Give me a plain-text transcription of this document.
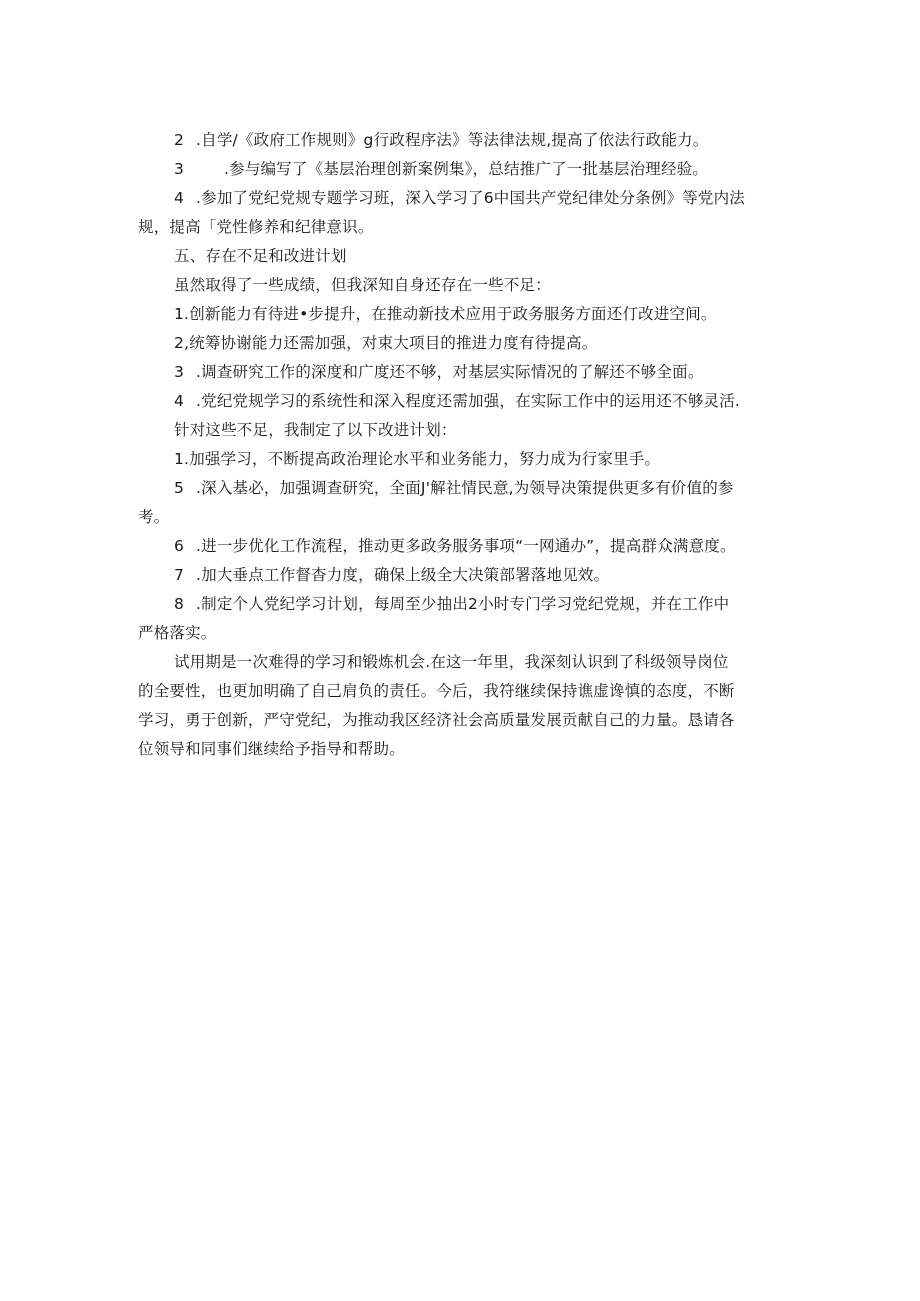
2 .自学/《政府工作规则》g行政程序法》等法律法规,提高了依法行政能力。
3	.参与编写了《基层治理创新案例集》，总结推广了一批基层治理经验。
4 .参加了党纪党规专题学习班，深入学习了6中国共产党纪律处分条例》等党内法
规，提高「党性修养和纪律意识。
五、存在不足和改进计划
虽然取得了一些成绩，但我深知自身还存在一些不足：
1.创新能力有待进•步提升，在推动新技术应用于政务服务方面还仃改进空间。
2,统筹协谢能力还需加强，对束大项目的推进力度有待提高。
3 .调查研究工作的深度和广度还不够，对基层实际情况的了解还不够全面。
4 .党纪党规学习的系统性和深入程度还需加强，在实际工作中的运用还不够灵活.
针对这些不足，我制定了以下改进计划：
1.加强学习，不断提高政治理论水平和业务能力，努力成为行家里手。
5 .深入基必，加强调查研究，全面J'解社情民意,为领导决策提供更多有价值的参
考。
6 .进一步优化工作流程，推动更多政务服务事项“一网通办”，提高群众满意度。
7 .加大垂点工作督杳力度，确保上级全大决策部署落地见效。
8 .制定个人党纪学习计划，每周至少抽出2小时专门学习党纪党规，并在工作中
严格落实。
试用期是一次难得的学习和锻炼机会.在这一年里，我深刻认识到了科级领导岗位
的全要性，也更加明确了自己肩负的责任。今后，我符继续保持谯虚谗慎的态度，不断
学习，勇于创新，严守党纪，为推动我区经济社会高质量发展贡献自己的力量。恳请各
位领导和同事们继续给予指导和帮助。
